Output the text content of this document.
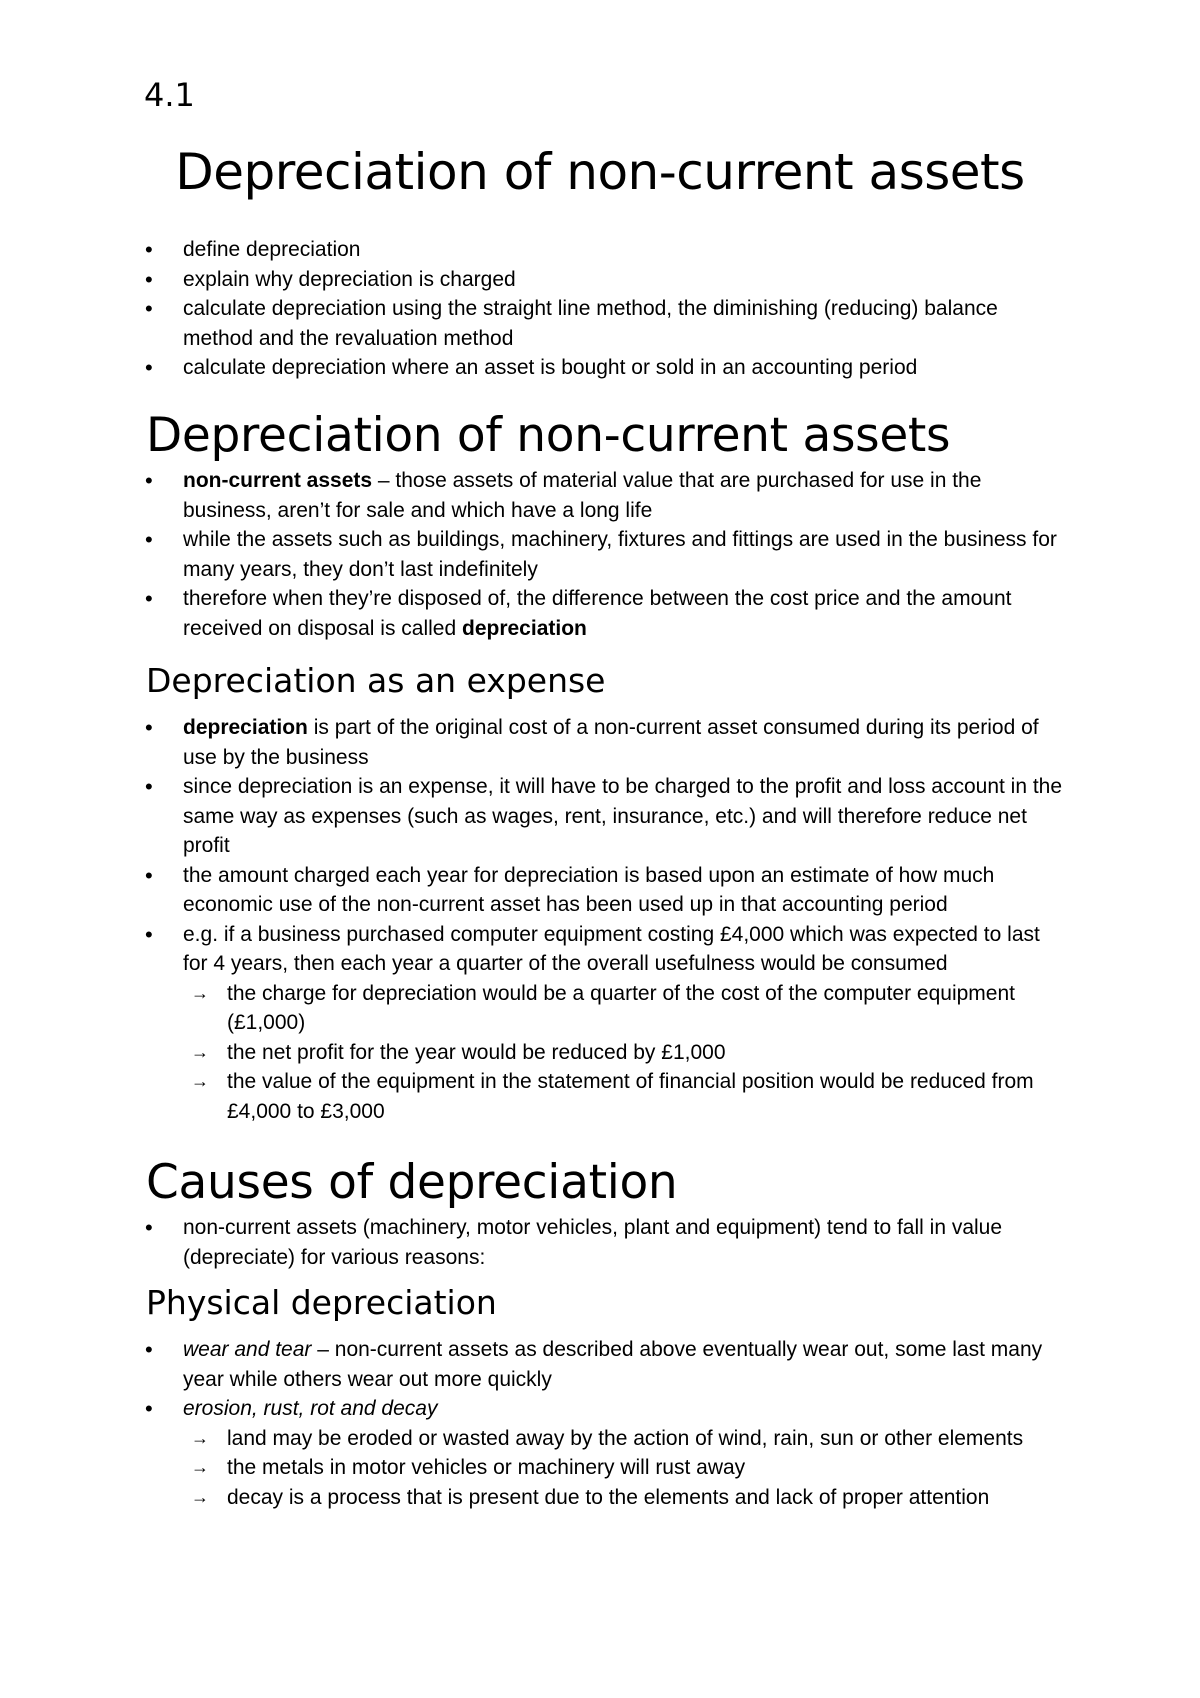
4.1

Depreciation of non-current assets
• define depreciation
• explain why depreciation is charged
• calculate depreciation using the straight line method, the diminishing (reducing) balance method and the revaluation method
• calculate depreciation where an asset is bought or sold in an accounting period
Depreciation of non-current assets
• non-current assets – those assets of material value that are purchased for use in the business, aren’t for sale and which have a long life
• while the assets such as buildings, machinery, fixtures and fittings are used in the business for many years, they don’t last indefinitely
• therefore when they’re disposed of, the difference between the cost price and the amount received on disposal is called depreciation
Depreciation as an expense
• depreciation is part of the original cost of a non-current asset consumed during its period of use by the business
• since depreciation is an expense, it will have to be charged to the profit and loss account in the same way as expenses (such as wages, rent, insurance, etc.) and will therefore reduce net profit
• the amount charged each year for depreciation is based upon an estimate of how much economic use of the non-current asset has been used up in that accounting period
• e.g. if a business purchased computer equipment costing £4,000 which was expected to last for 4 years, then each year a quarter of the overall usefulness would be consumed
→ the charge for depreciation would be a quarter of the cost of the computer equipment (£1,000)
→ the net profit for the year would be reduced by £1,000
→ the value of the equipment in the statement of financial position would be reduced from £4,000 to £3,000
Causes of depreciation
• non-current assets (machinery, motor vehicles, plant and equipment) tend to fall in value (depreciate) for various reasons:
Physical depreciation
• wear and tear – non-current assets as described above eventually wear out, some last many year while others wear out more quickly
• erosion, rust, rot and decay
→ land may be eroded or wasted away by the action of wind, rain, sun or other elements
→ the metals in motor vehicles or machinery will rust away
→ decay is a process that is present due to the elements and lack of proper attention
